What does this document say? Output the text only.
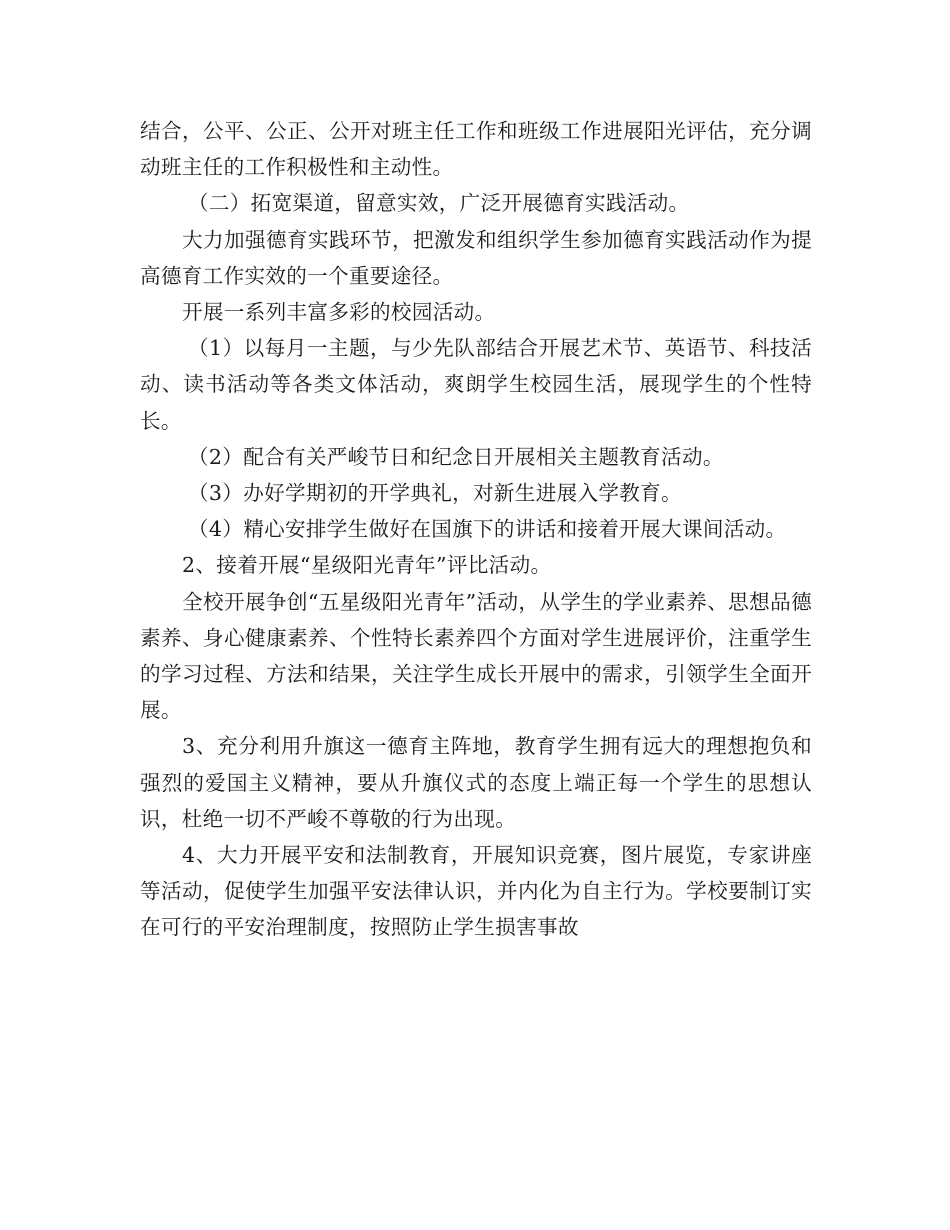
结合，公平、公正、公开对班主任工作和班级工作进展阳光评估，充分调动班主任的工作积极性和主动性。

（二）拓宽渠道，留意实效，广泛开展德育实践活动。

大力加强德育实践环节，把激发和组织学生参加德育实践活动作为提高德育工作实效的一个重要途径。

开展一系列丰富多彩的校园活动。

（1）以每月一主题，与少先队部结合开展艺术节、英语节、科技活动、读书活动等各类文体活动，爽朗学生校园生活，展现学生的个性特长。

（2）配合有关严峻节日和纪念日开展相关主题教育活动。

（3）办好学期初的开学典礼，对新生进展入学教育。

（4）精心安排学生做好在国旗下的讲话和接着开展大课间活动。

2、接着开展“星级阳光青年”评比活动。

全校开展争创“五星级阳光青年”活动，从学生的学业素养、思想品德素养、身心健康素养、个性特长素养四个方面对学生进展评价，注重学生的学习过程、方法和结果，关注学生成长开展中的需求，引领学生全面开展。

3、充分利用升旗这一德育主阵地，教育学生拥有远大的理想抱负和强烈的爱国主义精神，要从升旗仪式的态度上端正每一个学生的思想认识，杜绝一切不严峻不尊敬的行为出现。

4、大力开展平安和法制教育，开展知识竞赛，图片展览，专家讲座等活动，促使学生加强平安法律认识，并内化为自主行为。学校要制订实在可行的平安治理制度，按照防止学生损害事故
